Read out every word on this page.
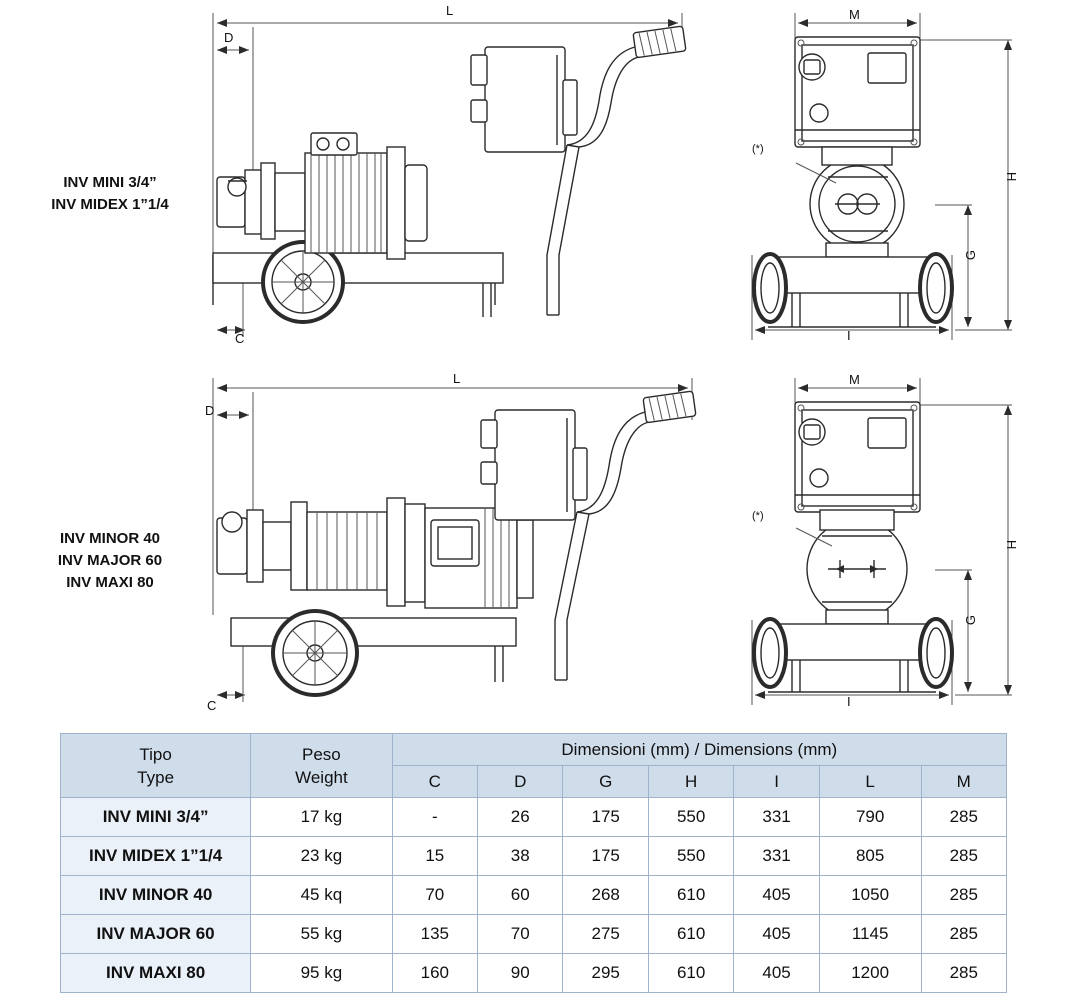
INV MINI 3/4”
INV MIDEX 1”1/4
INV MINOR 40
INV MAJOR 60
INV MAXI 80
L
D
C
M
H
G
I
(*)
L
D
C
M
H
G
I
(*)
Tipo
Type

Peso
Weight
	Dimensioni (mm) / Dimensions (mm)
		C	D	G	H	I	L	M
INV MINI 3/4”	17 kg	-	26	175	550	331	790	285
INV MIDEX 1”1/4	23 kg	15	38	175	550	331	805	285
INV MINOR 40	45 kq	70	60	268	610	405	1050	285
INV MAJOR 60	55 kg	135	70	275	610	405	1145	285
INV MAXI 80	95 kg	160	90	295	610	405	1200	285
